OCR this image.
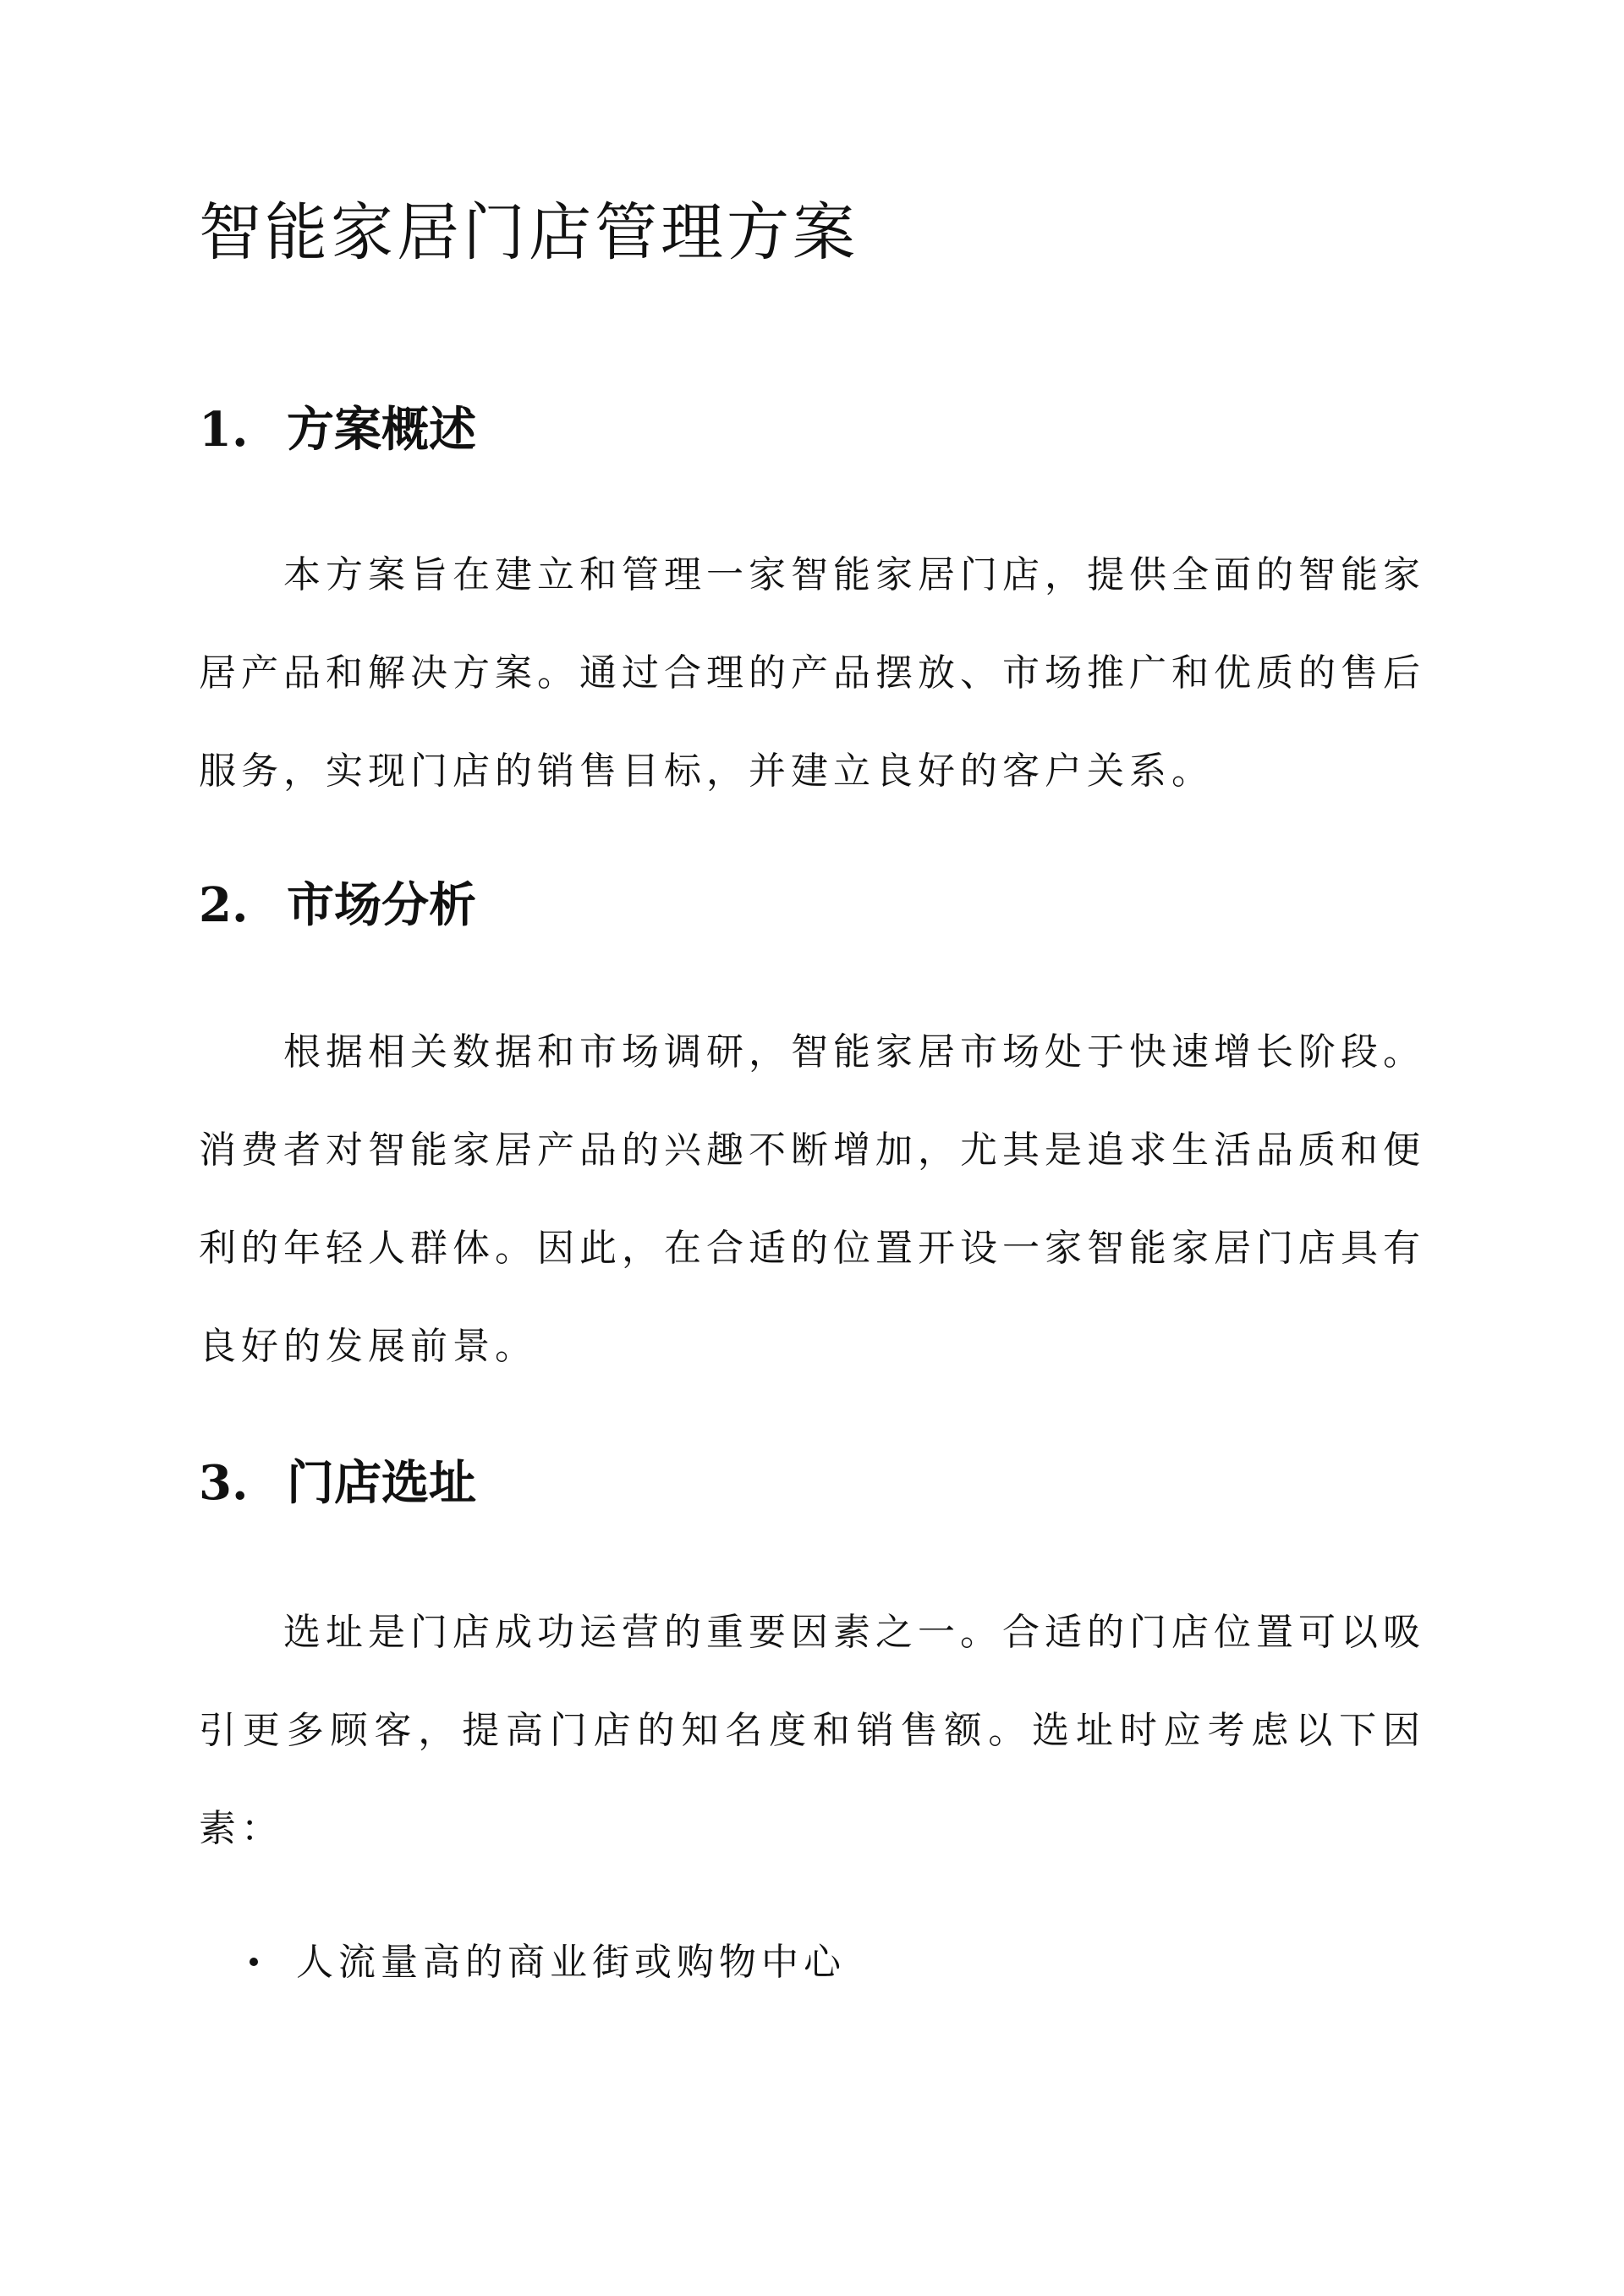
智能家居门店管理方案
1. 方案概述

本方案旨在建立和管理一家智能家居门店，提供全面的智能家居产品和解决方案。通过合理的产品摆放、市场推广和优质的售后服务，实现门店的销售目标，并建立良好的客户关系。

2. 市场分析

根据相关数据和市场调研，智能家居市场处于快速增长阶段。消费者对智能家居产品的兴趣不断增加，尤其是追求生活品质和便利的年轻人群体。因此，在合适的位置开设一家智能家居门店具有良好的发展前景。

3. 门店选址

选址是门店成功运营的重要因素之一。合适的门店位置可以吸引更多顾客，提高门店的知名度和销售额。选址时应考虑以下因素：

人流量高的商业街或购物中心
